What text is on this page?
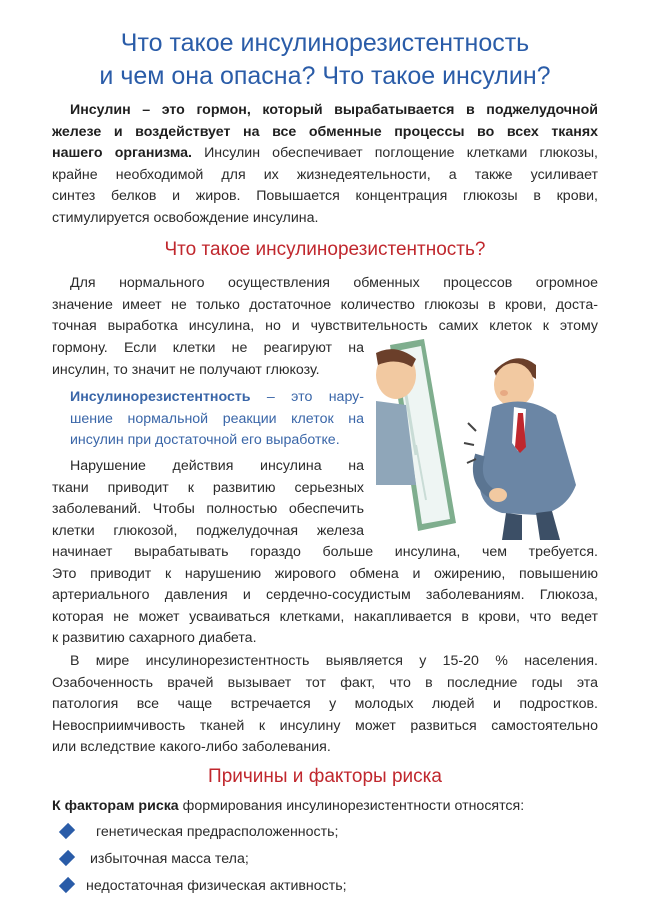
Что такое инсулинорезистентность
и чем она опасна? Что такое инсулин?
Инсулин – это гормон, который вырабатывается в поджелудочной
железе и воздействует на все обменные процессы во всех тканях
нашего организма. Инсулин обеспечивает поглощение клетками глюкозы,
крайне необходимой для их жизнедеятельности, а также усиливает
синтез белков и жиров. Повышается концентрация глюкозы в крови,
стимулируется освобождение инсулина.
Что такое инсулинорезистентность?
Для нормального осуществления обменных процессов огромное
значение имеет не только достаточное количество глюкозы в крови, доста-
точная выработка инсулина, но и чувствительность самих клеток к этому
гормону. Если клетки не реагируют на
инсулин, то значит не получают глюкозу.
Инсулинорезистентность – это нару-
шение нормальной реакции клеток на
инсулин при достаточной его выработке.
Нарушение действия инсулина на
ткани приводит к развитию серьезных
заболеваний. Чтобы полностью обеспечить
клетки глюкозой, поджелудочная железа
начинает вырабатывать гораздо больше инсулина, чем требуется.
Это приводит к нарушению жирового обмена и ожирению, повышению
артериального давления и сердечно-сосудистым заболеваниям. Глюкоза,
которая не может усваиваться клетками, накапливается в крови, что ведет
к развитию сахарного диабета.
В мире инсулинорезистентность выявляется у 15-20 % населения.
Озабоченность врачей вызывает тот факт, что в последние годы эта
патология все чаще встречается у молодых людей и подростков.
Невосприимчивость тканей к инсулину может развиться самостоятельно
или вследствие какого-либо заболевания.
Причины и факторы риска
К факторам риска формирования инсулинорезистентности относятся:
генетическая предрасположенность;
избыточная масса тела;
недостаточная физическая активность;
